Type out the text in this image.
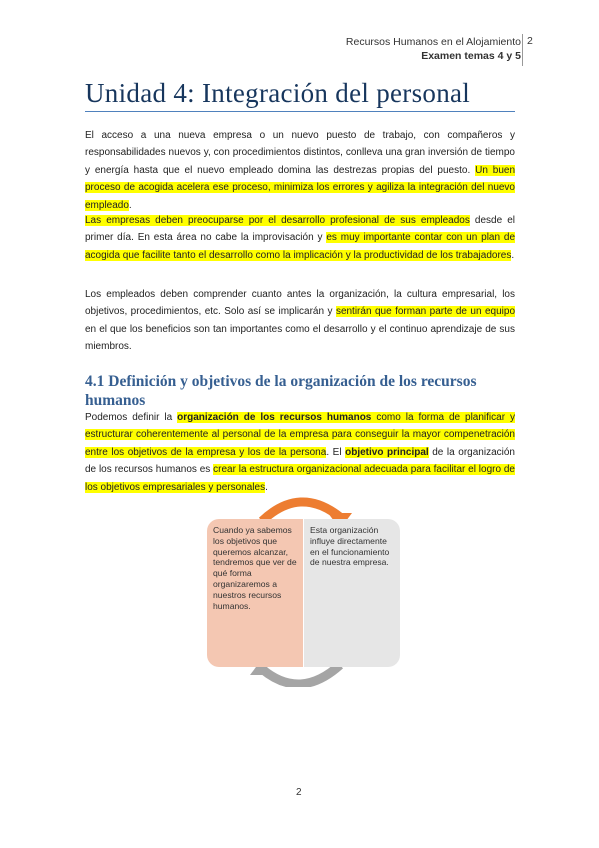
Recursos Humanos en el Alojamiento
Examen temas 4 y 5
2
Unidad 4: Integración del personal

El acceso a una nueva empresa o un nuevo puesto de trabajo, con compañeros y responsabilidades nuevos y, con procedimientos distintos, conlleva una gran inversión de tiempo y energía hasta que el nuevo empleado domina las destrezas propias del puesto. Un buen proceso de acogida acelera ese proceso, minimiza los errores y agiliza la integración del nuevo empleado.

Las empresas deben preocuparse por el desarrollo profesional de sus empleados desde el primer día. En esta área no cabe la improvisación y es muy importante contar con un plan de acogida que facilite tanto el desarrollo como la implicación y la productividad de los trabajadores.

Los empleados deben comprender cuanto antes la organización, la cultura empresarial, los objetivos, procedimientos, etc. Solo así se implicarán y sentirán que forman parte de un equipo en el que los beneficios son tan importantes como el desarrollo y el continuo aprendizaje de sus miembros.

4.1 Definición y objetivos de la organización de los recursos humanos

Podemos definir la organización de los recursos humanos como la forma de planificar y estructurar coherentemente al personal de la empresa para conseguir la mayor compenetración entre los objetivos de la empresa y los de la persona. El objetivo principal de la organización de los recursos humanos es crear la estructura organizacional adecuada para facilitar el logro de los objetivos empresariales y personales.

Cuando ya sabemos los objetivos que queremos alcanzar, tendremos que ver de qué forma organizaremos a nuestros recursos humanos.
Esta organización influye directamente en el funcionamiento de nuestra empresa.
2
